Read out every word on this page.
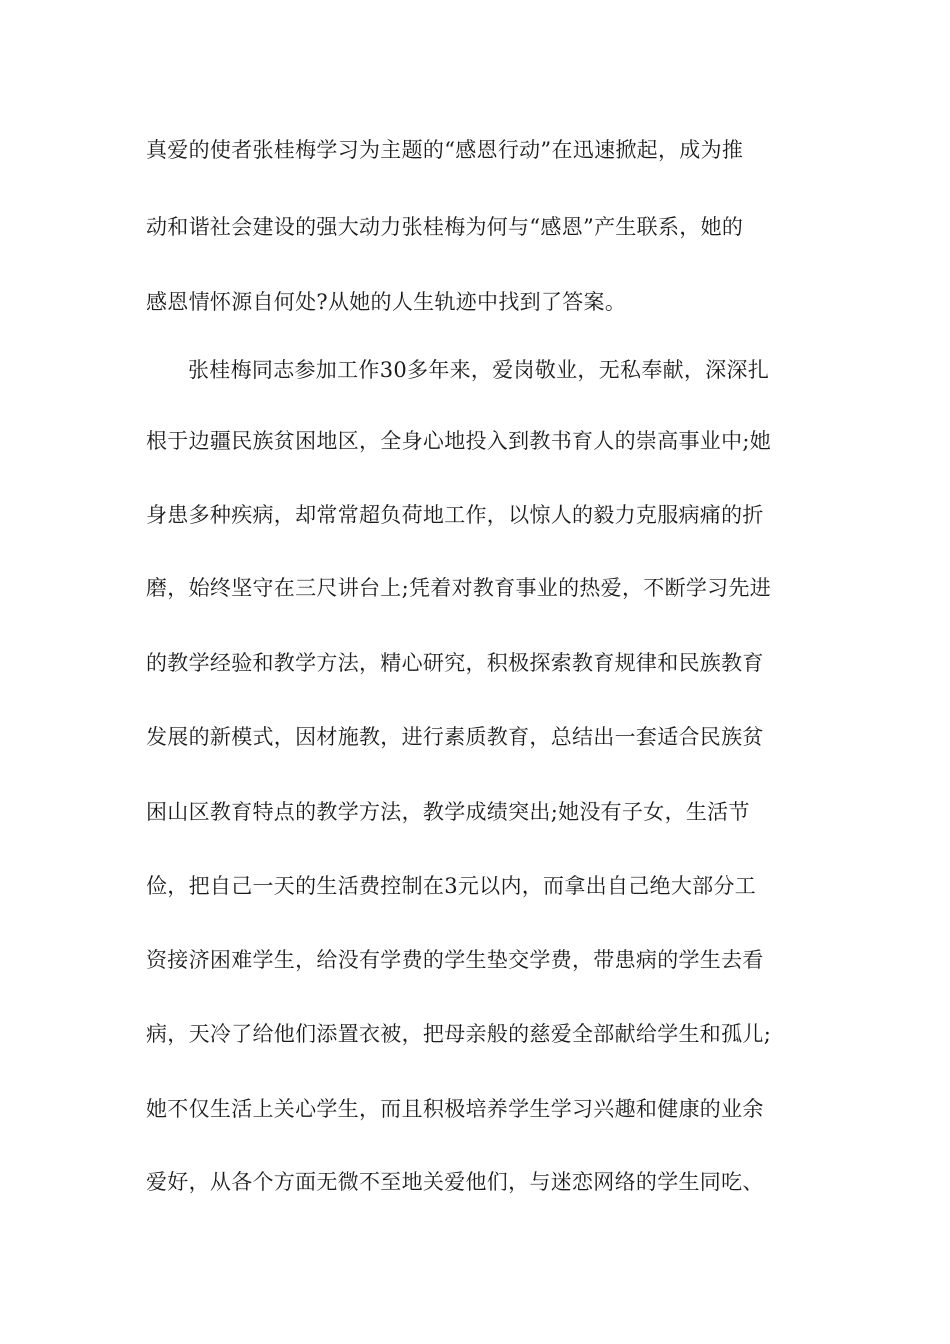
真爱的使者张桂梅学习为主题的“感恩行动”在迅速掀起，成为推
动和谐社会建设的强大动力张桂梅为何与“感恩”产生联系，她的
感恩情怀源自何处?从她的人生轨迹中找到了答案。
张桂梅同志参加工作30多年来，爱岗敬业，无私奉献，深深扎
根于边疆民族贫困地区，全身心地投入到教书育人的崇高事业中;她
身患多种疾病，却常常超负荷地工作，以惊人的毅力克服病痛的折
磨，始终坚守在三尺讲台上;凭着对教育事业的热爱，不断学习先进
的教学经验和教学方法，精心研究，积极探索教育规律和民族教育
发展的新模式，因材施教，进行素质教育，总结出一套适合民族贫
困山区教育特点的教学方法，教学成绩突出;她没有子女，生活节
俭，把自己一天的生活费控制在3元以内，而拿出自己绝大部分工
资接济困难学生，给没有学费的学生垫交学费，带患病的学生去看
病，天冷了给他们添置衣被，把母亲般的慈爱全部献给学生和孤儿;
她不仅生活上关心学生，而且积极培养学生学习兴趣和健康的业余
爱好，从各个方面无微不至地关爱他们，与迷恋网络的学生同吃、
